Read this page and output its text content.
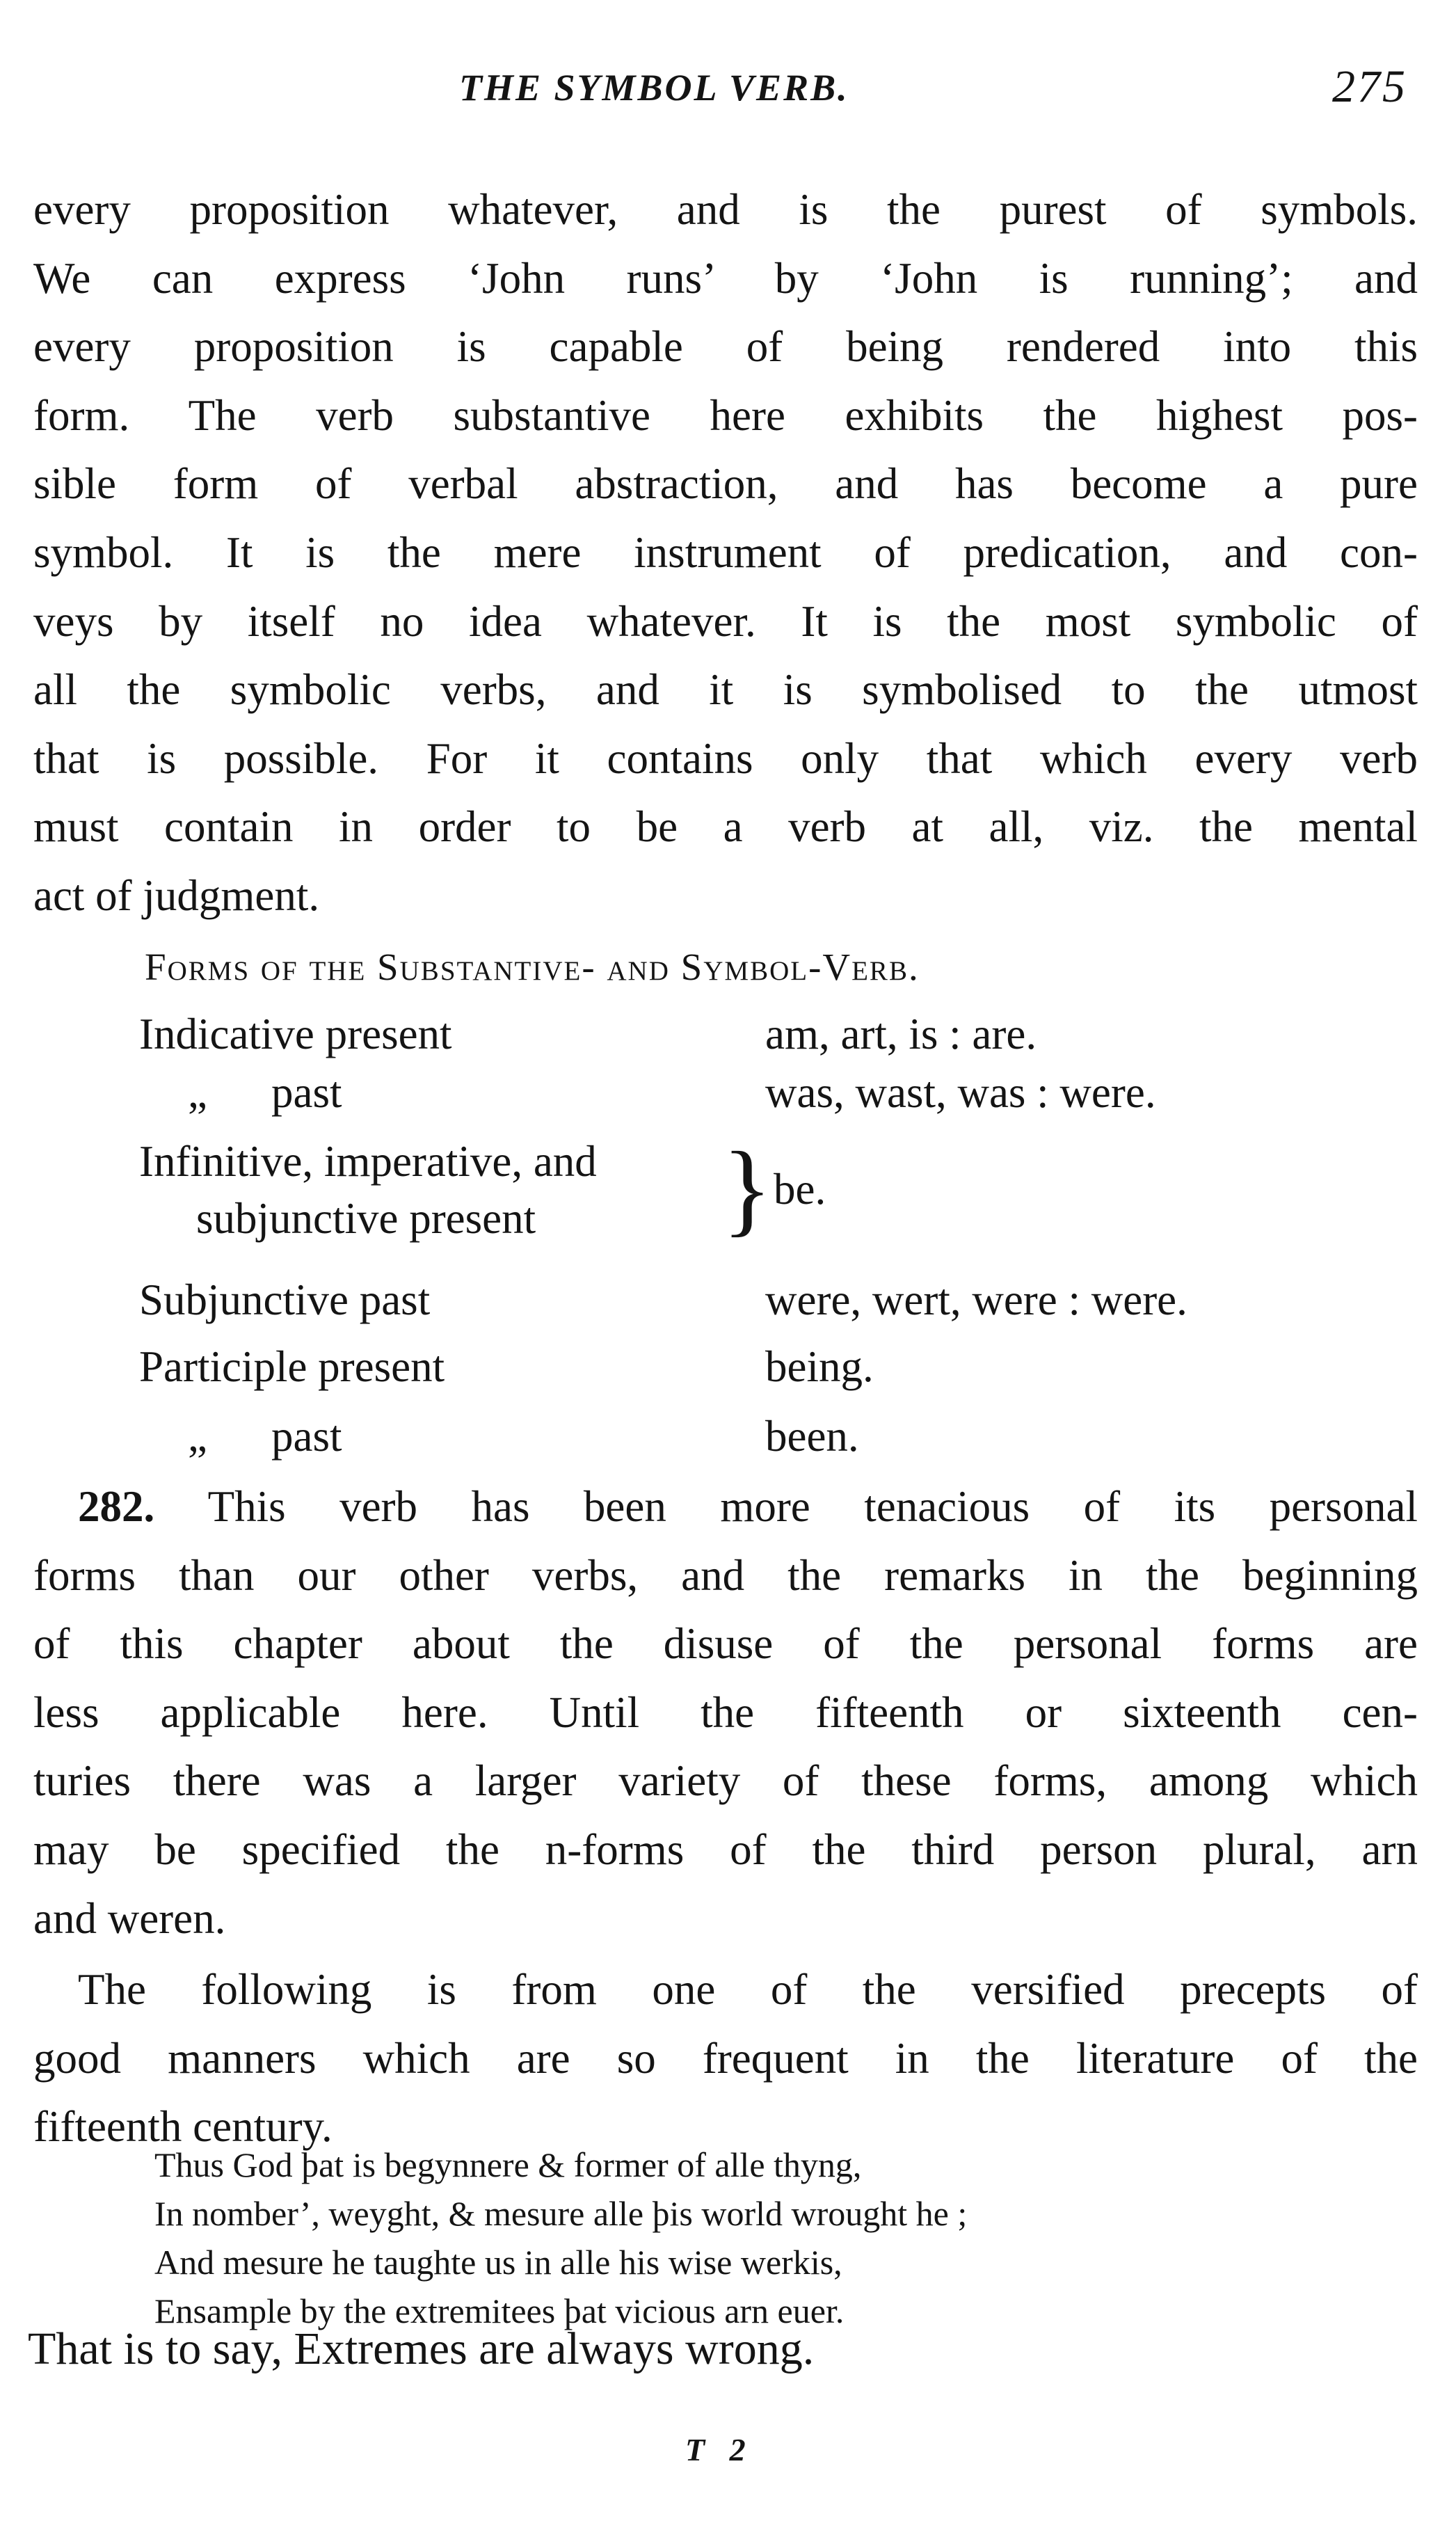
THE SYMBOL VERB.	275
every proposition whatever, and is the purest of symbols.
We can express ‘John runs’ by ‘John is running’; and
every proposition is capable of being rendered into this
form. The verb substantive here exhibits the highest pos-
sible form of verbal abstraction, and has become a pure
symbol. It is the mere instrument of predication, and con-
veys by itself no idea whatever. It is the most symbolic of
all the symbolic verbs, and it is symbolised to the utmost
that is possible. For it contains only that which every verb
must contain in order to be a verb at all, viz. the mental
act of judgment.
Forms of the Substantive- and Symbol-Verb.
Indicative present	am, art, is : are.
„ past	was, wast, was : were.
Infinitive, imperative, and
subjunctive present } be.
Subjunctive past	were, wert, were : were.
Participle present	being.
„ past	been.
282. This verb has been more tenacious of its personal
forms than our other verbs, and the remarks in the beginning
of this chapter about the disuse of the personal forms are
less applicable here. Until the fifteenth or sixteenth cen-
turies there was a larger variety of these forms, among which
may be specified the n-forms of the third person plural, arn
and weren.
The following is from one of the versified precepts of
good manners which are so frequent in the literature of the
fifteenth century.
Thus God þat is begynnere & former of alle thyng,
In nomber’, weyght, & mesure alle þis world wrought he ;
And mesure he taughte us in alle his wise werkis,
Ensample by the extremitees þat vicious arn euer.
That is to say, Extremes are always wrong.
T 2
